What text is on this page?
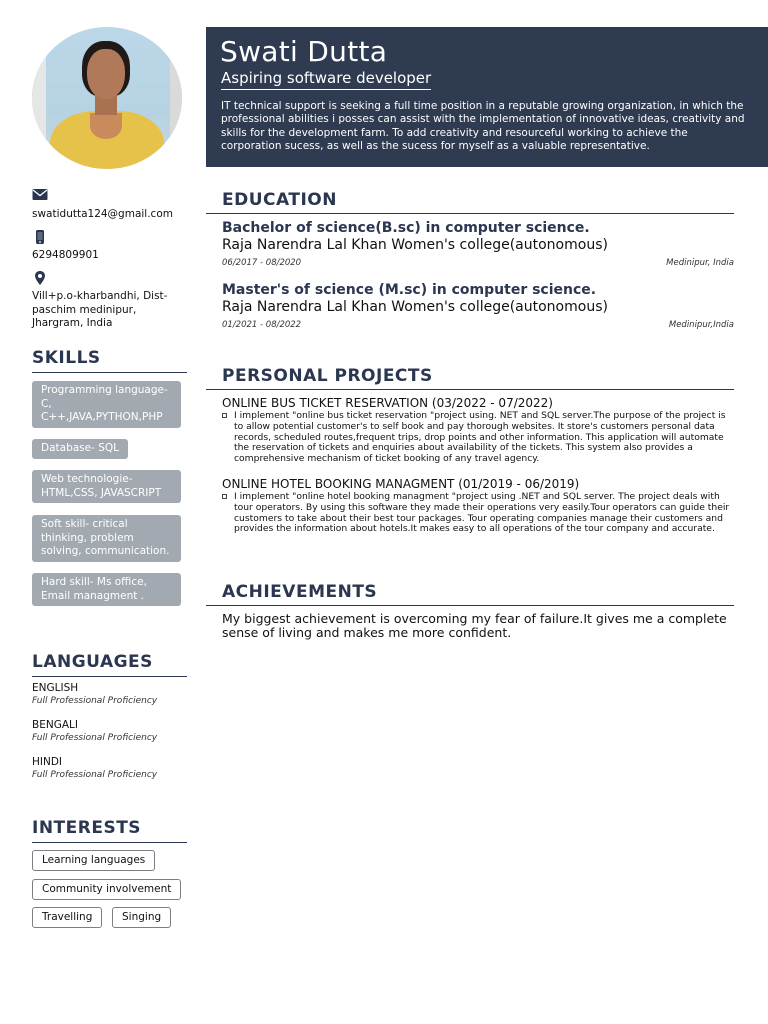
swatidutta124@gmail.com
6294809901
Vill+p.o-kharbandhi, Dist-paschim medinipur, Jhargram, India
SKILLS
Programming language- C, C++,JAVA,PYTHON,PHP
Database- SQL
Web technologie- HTML,CSS, JAVASCRIPT
Soft skill- critical thinking, problem solving, communication.
Hard skill- Ms office, Email managment .
LANGUAGES
ENGLISH
Full Professional Proficiency
BENGALI
Full Professional Proficiency
HINDI
Full Professional Proficiency
INTERESTS
Learning languages
Community involvement
Travelling	Singing
Swati Dutta
Aspiring software developer
IT technical support is seeking a full time position in a reputable growing organization, in which the professional abilities i posses can assist with the implementation of innovative ideas, creativity and skills for the development farm. To add creativity and resourceful working to achieve the corporation sucess, as well as the sucess for myself as a valuable representative.
EDUCATION
Bachelor of science(B.sc) in computer science.
Raja Narendra Lal Khan Women's college(autonomous)
06/2017 - 08/2020	Medinipur, India
Master's of science (M.sc) in computer science.
Raja Narendra Lal Khan Women's college(autonomous)
01/2021 - 08/2022	Medinipur,India
PERSONAL PROJECTS
ONLINE BUS TICKET RESERVATION (03/2022 - 07/2022)
I implement "online bus ticket reservation "project using. NET and SQL server.The purpose of the project is to allow potential customer's to self book and pay thorough websites. It store's customers personal data records, scheduled routes,frequent trips, drop points and other information. This application will automate the reservation of tickets and enquiries about availability of the tickets. This system also provides a comprehensive mechanism of ticket booking of any travel agency.
ONLINE HOTEL BOOKING MANAGMENT (01/2019 - 06/2019)
I implement "online hotel booking managment "project using .NET and SQL server. The project deals with tour operators. By using this software they made their operations very easily.Tour operators can guide their customers to take about their best tour packages. Tour operating companies manage their customers and provides the information about hotels.It makes easy to all operations of the tour company and accurate.
ACHIEVEMENTS
My biggest achievement is overcoming my fear of failure.It gives me a complete sense of living and makes me more confident.
